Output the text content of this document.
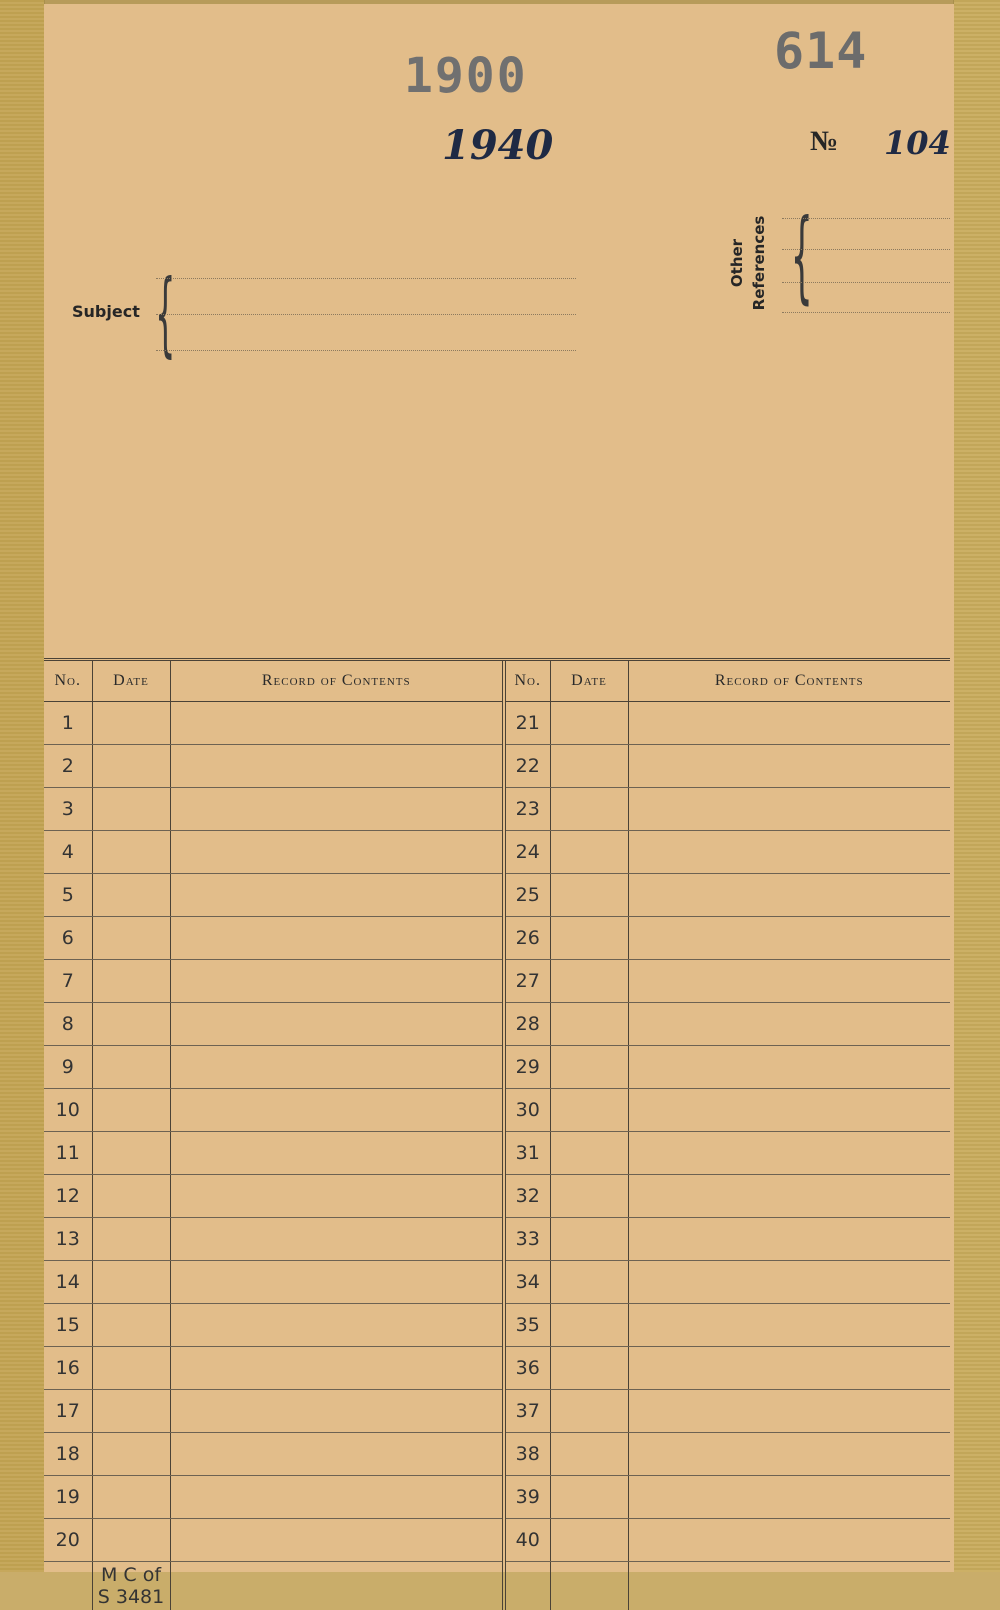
1900	614
1940	№ 104
Other References {
Subject {
No.	Date	Record of Contents	No.	Date	Record of Contents
1			21		
2			22		
3			23		
4			24		
5			25		
6			26		
7			27		
8			28		
9			29		
10			30		
11			31		
12			32		
13			33		
14			34		
15			35		
16			36		
17			37		
18			38		
19			39		
20			40		
	M C of S 3481				
